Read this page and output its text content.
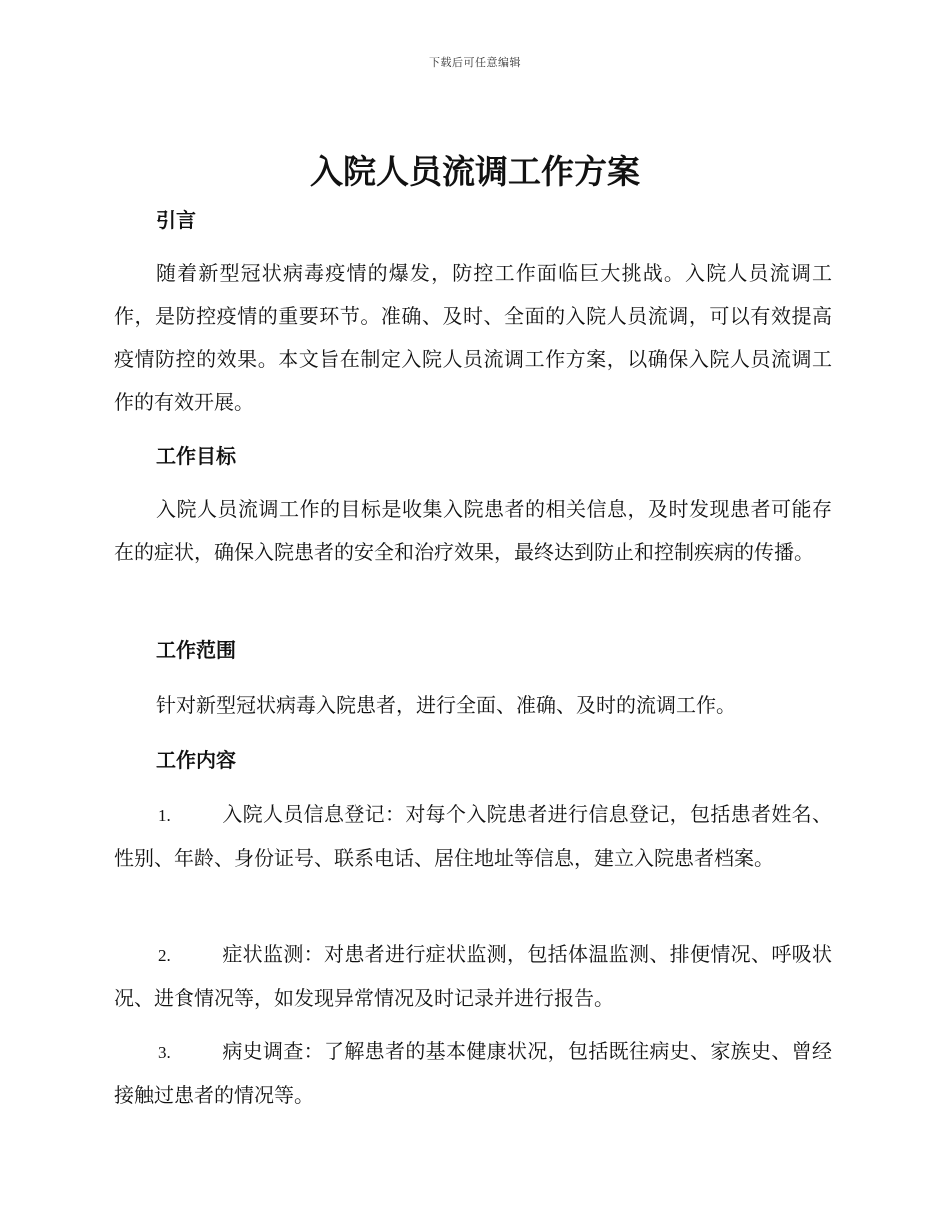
下载后可任意编辑
入院人员流调工作方案
引言

随着新型冠状病毒疫情的爆发，防控工作面临巨大挑战。入院人员流调工作，是防控疫情的重要环节。准确、及时、全面的入院人员流调，可以有效提高疫情防控的效果。本文旨在制定入院人员流调工作方案，以确保入院人员流调工作的有效开展。

工作目标

入院人员流调工作的目标是收集入院患者的相关信息，及时发现患者可能存在的症状，确保入院患者的安全和治疗效果，最终达到防止和控制疾病的传播。

工作范围

针对新型冠状病毒入院患者，进行全面、准确、及时的流调工作。

工作内容

1.	入院人员信息登记：对每个入院患者进行信息登记，包括患者姓名、性别、年龄、身份证号、联系电话、居住地址等信息，建立入院患者档案。

2.	症状监测：对患者进行症状监测，包括体温监测、排便情况、呼吸状况、进食情况等，如发现异常情况及时记录并进行报告。

3.	病史调查：了解患者的基本健康状况，包括既往病史、家族史、曾经接触过患者的情况等。
